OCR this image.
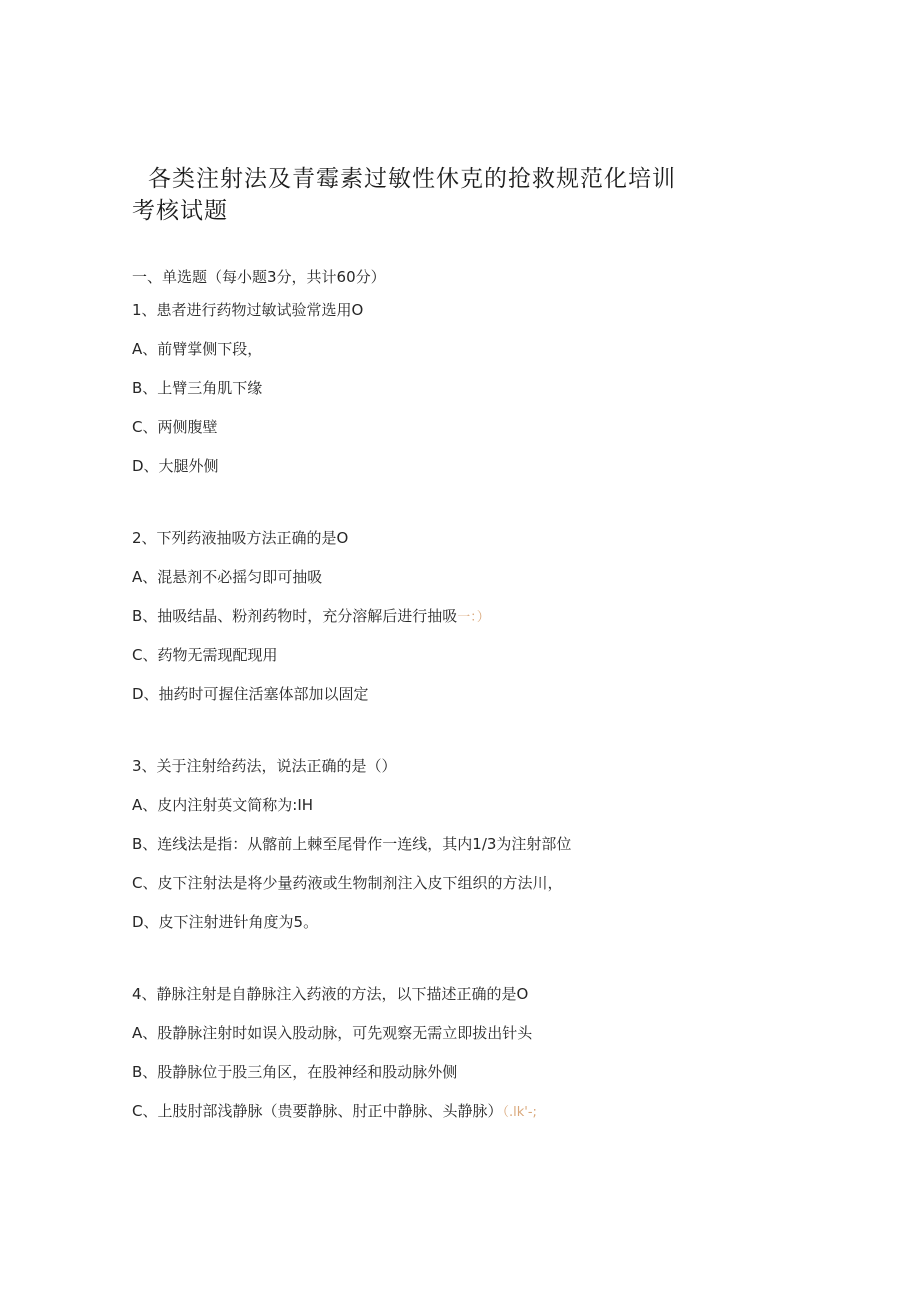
各类注射法及青霉素过敏性休克的抢救规范化培训考核试题

一、单选题（每小题3分，共计60分）

1、患者进行药物过敏试验常选用O

A、前臂掌侧下段，

B、上臂三角肌下缘

C、两侧腹壁

D、大腿外侧

2、下列药液抽吸方法正确的是O

A、混悬剂不必摇匀即可抽吸

B、抽吸结晶、粉剂药物时，充分溶解后进行抽吸一：）

C、药物无需现配现用

D、抽药时可握住活塞体部加以固定

3、关于注射给药法，说法正确的是（）

A、皮内注射英文简称为:IH

B、连线法是指：从髂前上棘至尾骨作一连线，其内1/3为注射部位

C、皮下注射法是将少量药液或生物制剂注入皮下组织的方法川，

D、皮下注射进针角度为5。

4、静脉注射是自静脉注入药液的方法，以下描述正确的是O

A、股静脉注射时如误入股动脉，可先观察无需立即拔出针头

B、股静脉位于股三角区，在股神经和股动脉外侧

C、上肢肘部浅静脉（贵要静脉、肘正中静脉、头静脉）（.lk'-;
